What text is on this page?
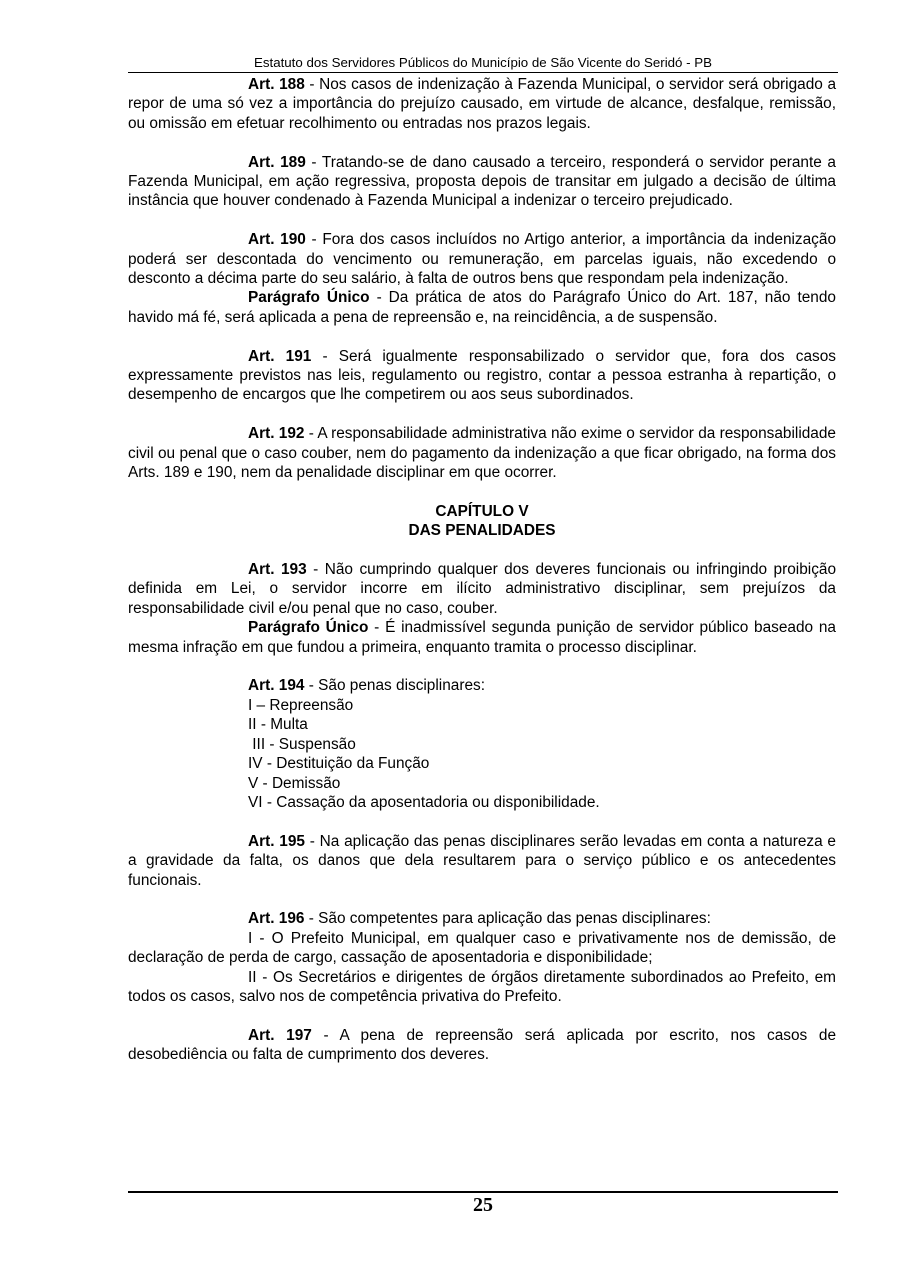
Estatuto dos Servidores Públicos do Município de São Vicente do Seridó - PB

Art. 188 - Nos casos de indenização à Fazenda Municipal, o servidor será obrigado a repor de uma só vez a importância do prejuízo causado, em virtude de alcance, desfalque, remissão, ou omissão em efetuar recolhimento ou entradas nos prazos legais.

Art. 189 - Tratando-se de dano causado a terceiro, responderá o servidor perante a Fazenda Municipal, em ação regressiva, proposta depois de transitar em julgado a decisão de última instância que houver condenado à Fazenda Municipal a indenizar o terceiro prejudicado.

Art. 190 - Fora dos casos incluídos no Artigo anterior, a importância da indenização poderá ser descontada do vencimento ou remuneração, em parcelas iguais, não excedendo o desconto a décima parte do seu salário, à falta de outros bens que respondam pela indenização.

Parágrafo Único - Da prática de atos do Parágrafo Único do Art. 187, não tendo havido má fé, será aplicada a pena de repreensão e, na reincidência, a de suspensão.

Art. 191 - Será igualmente responsabilizado o servidor que, fora dos casos expressamente previstos nas leis, regulamento ou registro, contar a pessoa estranha à repartição, o desempenho de encargos que lhe competirem ou aos seus subordinados.

Art. 192 - A responsabilidade administrativa não exime o servidor da responsabilidade civil ou penal que o caso couber, nem do pagamento da indenização a que ficar obrigado, na forma dos Arts. 189 e 190, nem da penalidade disciplinar em que ocorrer.

CAPÍTULO V

DAS PENALIDADES

Art. 193 - Não cumprindo qualquer dos deveres funcionais ou infringindo proibição definida em Lei, o servidor incorre em ilícito administrativo disciplinar, sem prejuízos da responsabilidade civil e/ou penal que no caso, couber.

Parágrafo Único - É inadmissível segunda punição de servidor público baseado na mesma infração em que fundou a primeira, enquanto tramita o processo disciplinar.

Art. 194 - São penas disciplinares:
I – Repreensão
II - Multa
III - Suspensão
IV - Destituição da Função
V - Demissão
VI - Cassação da aposentadoria ou disponibilidade.

Art. 195 - Na aplicação das penas disciplinares serão levadas em conta a natureza e a gravidade da falta, os danos que dela resultarem para o serviço público e os antecedentes funcionais.

Art. 196 - São competentes para aplicação das penas disciplinares:

I - O Prefeito Municipal, em qualquer caso e privativamente nos de demissão, de declaração de perda de cargo, cassação de aposentadoria e disponibilidade;

II - Os Secretários e dirigentes de órgãos diretamente subordinados ao Prefeito, em todos os casos, salvo nos de competência privativa do Prefeito.

Art. 197 - A pena de repreensão será aplicada por escrito, nos casos de desobediência ou falta de cumprimento dos deveres.

25
